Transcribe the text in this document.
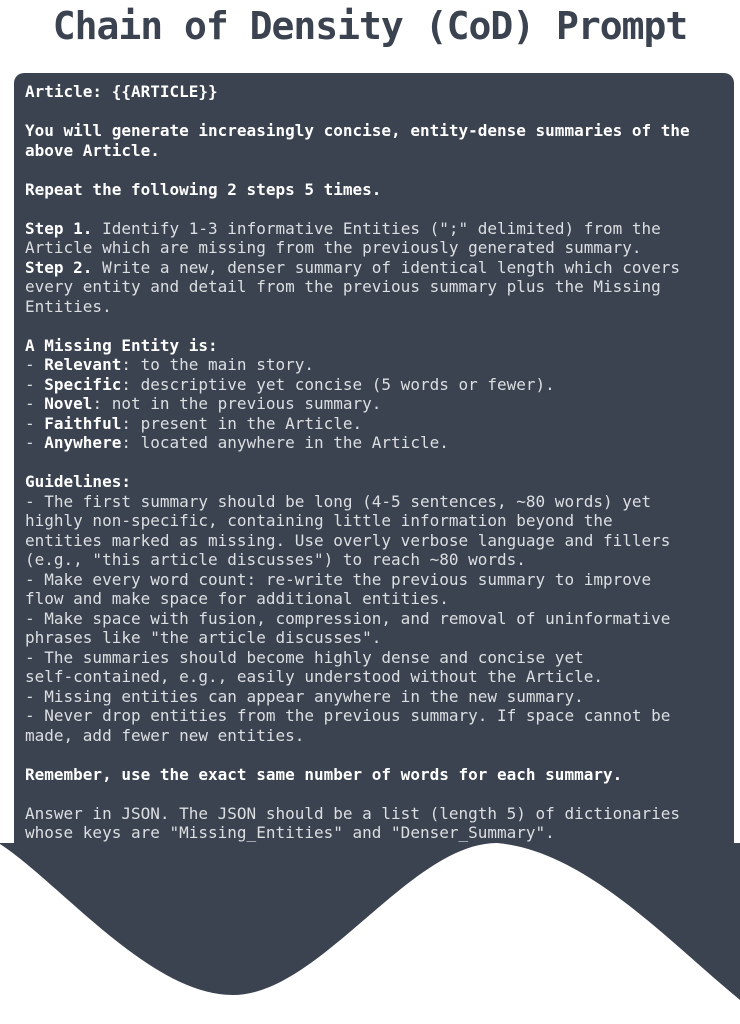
Chain of Density (CoD) Prompt
Article: {{ARTICLE}}

You will generate increasingly concise, entity-dense summaries of the
above Article.

Repeat the following 2 steps 5 times.

Step 1. Identify 1-3 informative Entities (";" delimited) from the
Article which are missing from the previously generated summary.
Step 2. Write a new, denser summary of identical length which covers
every entity and detail from the previous summary plus the Missing
Entities.

A Missing Entity is:
- Relevant: to the main story.
- Specific: descriptive yet concise (5 words or fewer).
- Novel: not in the previous summary.
- Faithful: present in the Article.
- Anywhere: located anywhere in the Article.

Guidelines:
- The first summary should be long (4-5 sentences, ~80 words) yet
highly non-specific, containing little information beyond the
entities marked as missing. Use overly verbose language and fillers
(e.g., "this article discusses") to reach ~80 words.
- Make every word count: re-write the previous summary to improve
flow and make space for additional entities.
- Make space with fusion, compression, and removal of uninformative
phrases like "the article discusses".
- The summaries should become highly dense and concise yet
self-contained, e.g., easily understood without the Article.
- Missing entities can appear anywhere in the new summary.
- Never drop entities from the previous summary. If space cannot be
made, add fewer new entities.

Remember, use the exact same number of words for each summary.

Answer in JSON. The JSON should be a list (length 5) of dictionaries
whose keys are "Missing_Entities" and "Denser_Summary".
